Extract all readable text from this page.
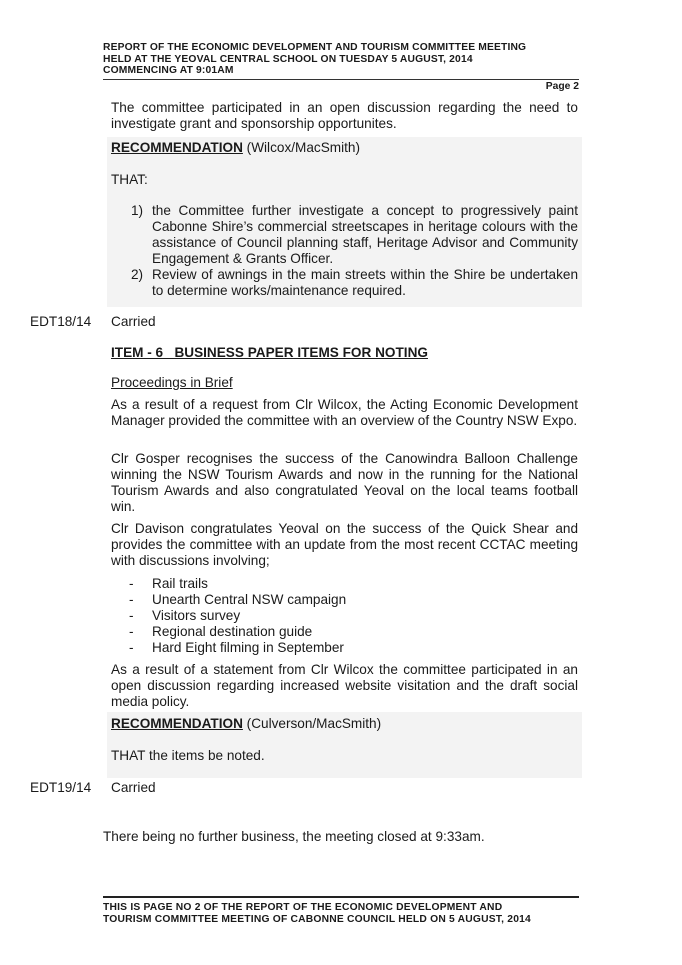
REPORT OF THE ECONOMIC DEVELOPMENT AND TOURISM COMMITTEE MEETING
HELD AT THE YEOVAL CENTRAL SCHOOL ON TUESDAY 5 AUGUST, 2014
COMMENCING AT 9:01AM
Page 2
The committee participated in an open discussion regarding the need to investigate grant and sponsorship opportunites.
RECOMMENDATION (Wilcox/MacSmith)
THAT:
1) the Committee further investigate a concept to progressively paint Cabonne Shire’s commercial streetscapes in heritage colours with the assistance of Council planning staff, Heritage Advisor and Community Engagement & Grants Officer.
2) Review of awnings in the main streets within the Shire be undertaken to determine works/maintenance required.
EDT18/14 Carried
ITEM - 6   BUSINESS PAPER ITEMS FOR NOTING
Proceedings in Brief
As a result of a request from Clr Wilcox, the Acting Economic Development Manager provided the committee with an overview of the Country NSW Expo.
Clr Gosper recognises the success of the Canowindra Balloon Challenge winning the NSW Tourism Awards and now in the running for the National Tourism Awards and also congratulated Yeoval on the local teams football win.
Clr Davison congratulates Yeoval on the success of the Quick Shear and provides the committee with an update from the most recent CCTAC meeting with discussions involving;
- Rail trails
- Unearth Central NSW campaign
- Visitors survey
- Regional destination guide
- Hard Eight filming in September
As a result of a statement from Clr Wilcox the committee participated in an open discussion regarding increased website visitation and the draft social media policy.
RECOMMENDATION (Culverson/MacSmith)
THAT the items be noted.
EDT19/14 Carried
There being no further business, the meeting closed at 9:33am.
THIS IS PAGE NO 2 OF THE REPORT OF THE ECONOMIC DEVELOPMENT AND
TOURISM COMMITTEE MEETING OF CABONNE COUNCIL HELD ON 5 AUGUST, 2014
